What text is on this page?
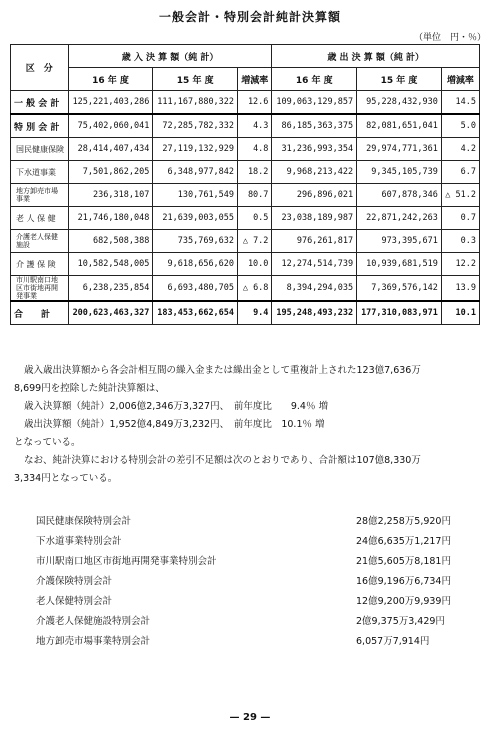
一般会計・特別会計純計決算額
（単位　円・％）
区　分	歳 入 決 算 額（純 計）			歳 出 決 算 額（純 計）		
	16 年 度	15 年 度	増減率	16 年 度	15 年 度	増減率
一 般 会 計	125,221,403,286	111,167,880,322	12.6	109,063,129,857	95,228,432,930	14.5
特 別 会 計	75,402,060,041	72,285,782,332	4.3	86,185,363,375	82,081,651,041	5.0
国民健康保険	28,414,407,434	27,119,132,929	4.8	31,236,993,354	29,974,771,361	4.2
下水道事業	7,501,862,205	6,348,977,842	18.2	9,968,213,422	9,345,105,739	6.7
地方卸売市場事業	236,318,107	130,761,549	80.7	296,896,021	607,878,346	△ 51.2
老 人 保 健	21,746,180,048	21,639,003,055	0.5	23,038,189,987	22,871,242,263	0.7
介護老人保健施設	682,508,388	735,769,632	△ 7.2	976,261,817	973,395,671	0.3
介 護 保 険	10,582,548,005	9,618,656,620	10.0	12,274,514,739	10,939,681,519	12.2
市川駅南口地区市街地再開発事業	6,238,235,854	6,693,480,705	△ 6.8	8,394,294,035	7,369,576,142	13.9
合　　計	200,623,463,327	183,453,662,654	9.4	195,248,493,232	177,310,083,971	10.1
歳入歳出決算額から各会計相互間の繰入金または繰出金として重複計上された123億7,636万
8,699円を控除した純計決算額は、
歳入決算額（純計）2,006億2,346万3,327円、　前年度比　　9.4％ 増
歳出決算額（純計）1,952億4,849万3,232円、　前年度比　10.1％ 増
となっている。
なお、純計決算における特別会計の差引不足額は次のとおりであり、合計額は107億8,330万
3,334円となっている。
国民健康保険特別会計	28億2,258万5,920円
下水道事業特別会計	24億6,635万1,217円
市川駅南口地区市街地再開発事業特別会計	21億5,605万8,181円
介護保険特別会計	16億9,196万6,734円
老人保健特別会計	12億9,200万9,939円
介護老人保健施設特別会計	2億9,375万3,429円
地方卸売市場事業特別会計	6,057万7,914円
— 29 —
